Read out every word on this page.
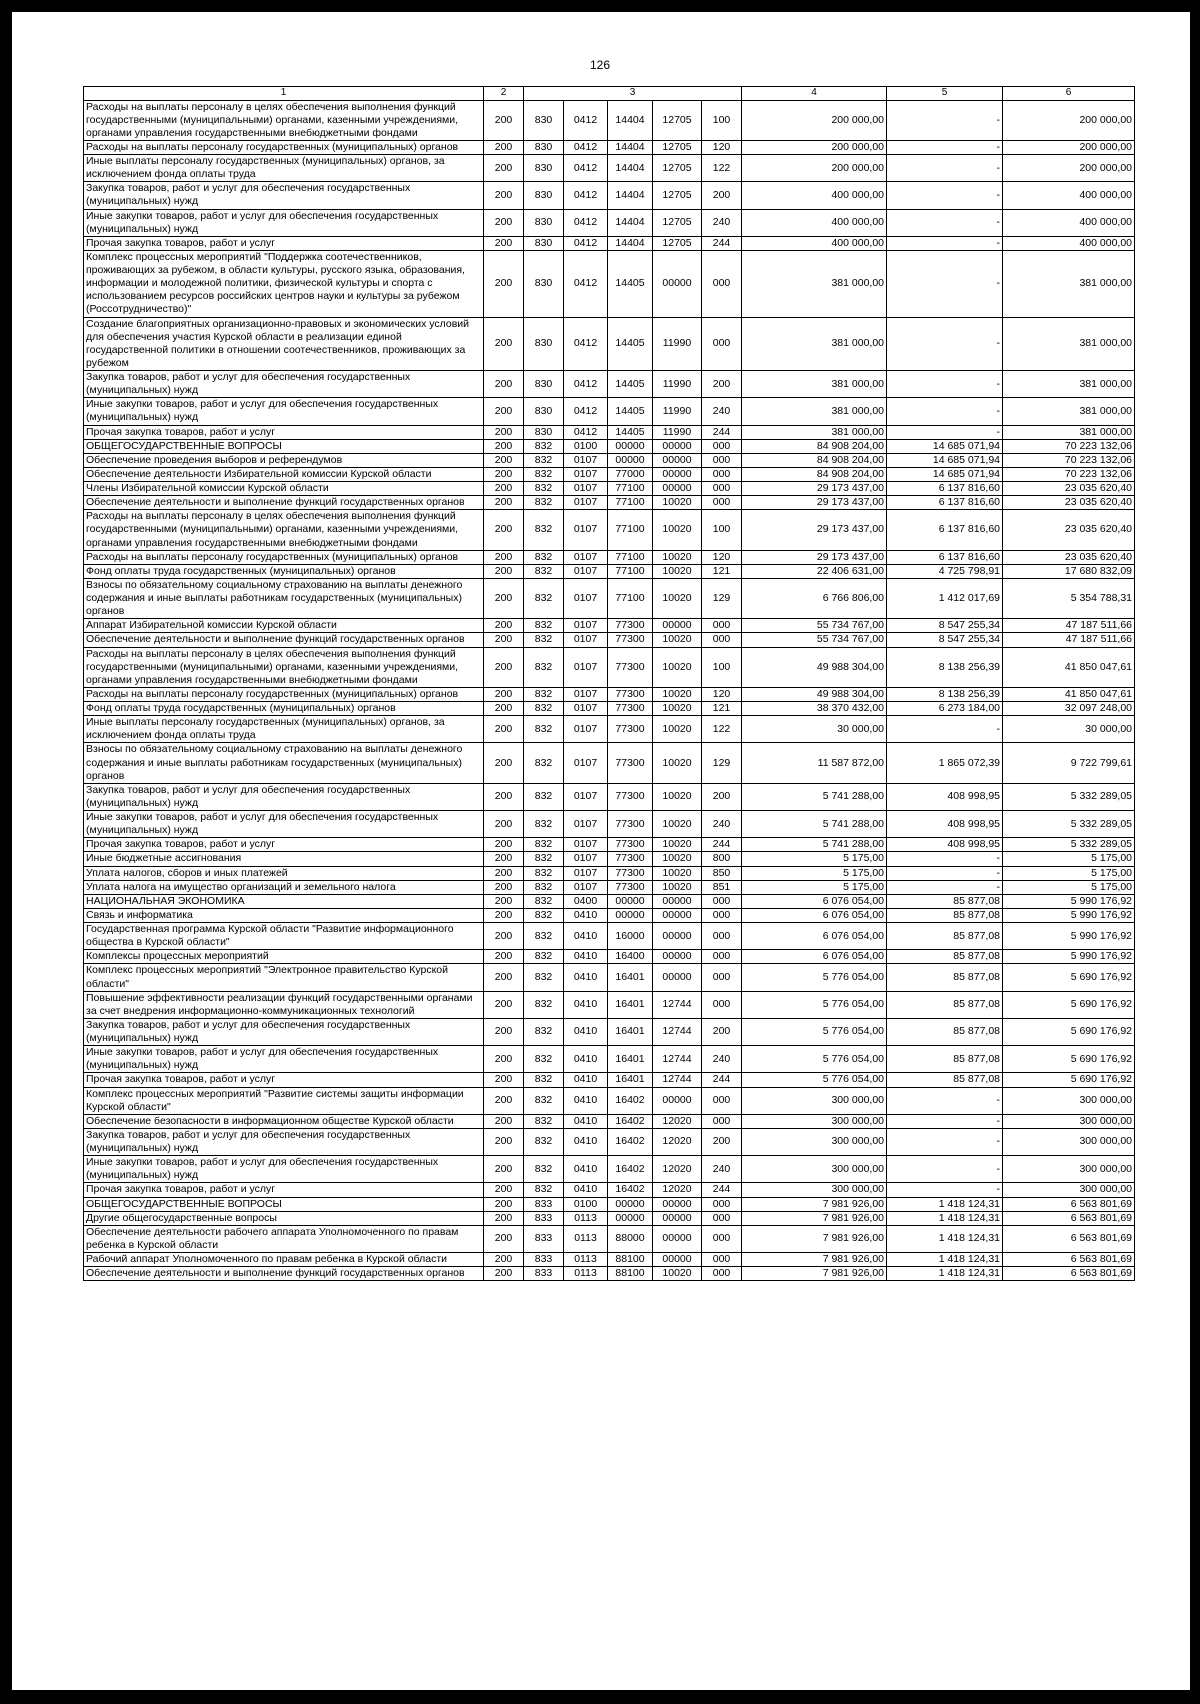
126
1	2	3					4	5	6
Расходы на выплаты персоналу в целях обеспечения выполнения функций государственными (муниципальными) органами, казенными учреждениями, органами управления государственными внебюджетными фондами	200	830	0412	14404	12705	100	200 000,00	-	200 000,00
Расходы на выплаты персоналу государственных (муниципальных) органов	200	830	0412	14404	12705	120	200 000,00	-	200 000,00
Иные выплаты персоналу государственных (муниципальных) органов, за исключением фонда оплаты труда	200	830	0412	14404	12705	122	200 000,00	-	200 000,00
Закупка товаров, работ и услуг для обеспечения государственных (муниципальных) нужд	200	830	0412	14404	12705	200	400 000,00	-	400 000,00
Иные закупки товаров, работ и услуг для обеспечения государственных (муниципальных) нужд	200	830	0412	14404	12705	240	400 000,00	-	400 000,00
Прочая закупка товаров, работ и услуг	200	830	0412	14404	12705	244	400 000,00	-	400 000,00
Комплекс процессных мероприятий "Поддержка соотечественников, проживающих за рубежом, в области культуры, русского языка, образования, информации и молодежной политики, физической культуры и спорта с использованием ресурсов российских центров науки и культуры за рубежом (Россотрудничество)"	200	830	0412	14405	00000	000	381 000,00	-	381 000,00
Создание благоприятных организационно-правовых и экономических условий для обеспечения участия Курской области в реализации единой государственной политики в отношении соотечественников, проживающих за рубежом	200	830	0412	14405	11990	000	381 000,00	-	381 000,00
Закупка товаров, работ и услуг для обеспечения государственных (муниципальных) нужд	200	830	0412	14405	11990	200	381 000,00	-	381 000,00
Иные закупки товаров, работ и услуг для обеспечения государственных (муниципальных) нужд	200	830	0412	14405	11990	240	381 000,00	-	381 000,00
Прочая закупка товаров, работ и услуг	200	830	0412	14405	11990	244	381 000,00	-	381 000,00
ОБЩЕГОСУДАРСТВЕННЫЕ ВОПРОСЫ	200	832	0100	00000	00000	000	84 908 204,00	14 685 071,94	70 223 132,06
Обеспечение проведения выборов и референдумов	200	832	0107	00000	00000	000	84 908 204,00	14 685 071,94	70 223 132,06
Обеспечение деятельности Избирательной комиссии Курской области	200	832	0107	77000	00000	000	84 908 204,00	14 685 071,94	70 223 132,06
Члены Избирательной комиссии Курской области	200	832	0107	77100	00000	000	29 173 437,00	6 137 816,60	23 035 620,40
Обеспечение деятельности и выполнение функций государственных органов	200	832	0107	77100	10020	000	29 173 437,00	6 137 816,60	23 035 620,40
Расходы на выплаты персоналу в целях обеспечения выполнения функций государственными (муниципальными) органами, казенными учреждениями, органами управления государственными внебюджетными фондами	200	832	0107	77100	10020	100	29 173 437,00	6 137 816,60	23 035 620,40
Расходы на выплаты персоналу государственных (муниципальных) органов	200	832	0107	77100	10020	120	29 173 437,00	6 137 816,60	23 035 620,40
Фонд оплаты труда государственных (муниципальных) органов	200	832	0107	77100	10020	121	22 406 631,00	4 725 798,91	17 680 832,09
Взносы по обязательному социальному страхованию на выплаты денежного содержания и иные выплаты работникам государственных (муниципальных) органов	200	832	0107	77100	10020	129	6 766 806,00	1 412 017,69	5 354 788,31
Аппарат Избирательной комиссии Курской области	200	832	0107	77300	00000	000	55 734 767,00	8 547 255,34	47 187 511,66
Обеспечение деятельности и выполнение функций государственных органов	200	832	0107	77300	10020	000	55 734 767,00	8 547 255,34	47 187 511,66
Расходы на выплаты персоналу в целях обеспечения выполнения функций государственными (муниципальными) органами, казенными учреждениями, органами управления государственными внебюджетными фондами	200	832	0107	77300	10020	100	49 988 304,00	8 138 256,39	41 850 047,61
Расходы на выплаты персоналу государственных (муниципальных) органов	200	832	0107	77300	10020	120	49 988 304,00	8 138 256,39	41 850 047,61
Фонд оплаты труда государственных (муниципальных) органов	200	832	0107	77300	10020	121	38 370 432,00	6 273 184,00	32 097 248,00
Иные выплаты персоналу государственных (муниципальных) органов, за исключением фонда оплаты труда	200	832	0107	77300	10020	122	30 000,00	-	30 000,00
Взносы по обязательному социальному страхованию на выплаты денежного содержания и иные выплаты работникам государственных (муниципальных) органов	200	832	0107	77300	10020	129	11 587 872,00	1 865 072,39	9 722 799,61
Закупка товаров, работ и услуг для обеспечения государственных (муниципальных) нужд	200	832	0107	77300	10020	200	5 741 288,00	408 998,95	5 332 289,05
Иные закупки товаров, работ и услуг для обеспечения государственных (муниципальных) нужд	200	832	0107	77300	10020	240	5 741 288,00	408 998,95	5 332 289,05
Прочая закупка товаров, работ и услуг	200	832	0107	77300	10020	244	5 741 288,00	408 998,95	5 332 289,05
Иные бюджетные ассигнования	200	832	0107	77300	10020	800	5 175,00	-	5 175,00
Уплата налогов, сборов и иных платежей	200	832	0107	77300	10020	850	5 175,00	-	5 175,00
Уплата налога на имущество организаций и земельного налога	200	832	0107	77300	10020	851	5 175,00	-	5 175,00
НАЦИОНАЛЬНАЯ ЭКОНОМИКА	200	832	0400	00000	00000	000	6 076 054,00	85 877,08	5 990 176,92
Связь и информатика	200	832	0410	00000	00000	000	6 076 054,00	85 877,08	5 990 176,92
Государственная программа Курской области "Развитие информационного общества в Курской области"	200	832	0410	16000	00000	000	6 076 054,00	85 877,08	5 990 176,92
Комплексы процессных мероприятий	200	832	0410	16400	00000	000	6 076 054,00	85 877,08	5 990 176,92
Комплекс процессных мероприятий "Электронное правительство Курской области"	200	832	0410	16401	00000	000	5 776 054,00	85 877,08	5 690 176,92
Повышение эффективности реализации функций государственными органами за счет внедрения информационно-коммуникационных технологий	200	832	0410	16401	12744	000	5 776 054,00	85 877,08	5 690 176,92
Закупка товаров, работ и услуг для обеспечения государственных (муниципальных) нужд	200	832	0410	16401	12744	200	5 776 054,00	85 877,08	5 690 176,92
Иные закупки товаров, работ и услуг для обеспечения государственных (муниципальных) нужд	200	832	0410	16401	12744	240	5 776 054,00	85 877,08	5 690 176,92
Прочая закупка товаров, работ и услуг	200	832	0410	16401	12744	244	5 776 054,00	85 877,08	5 690 176,92
Комплекс процессных мероприятий "Развитие системы защиты информации Курской области"	200	832	0410	16402	00000	000	300 000,00	-	300 000,00
Обеспечение безопасности в информационном обществе Курской области	200	832	0410	16402	12020	000	300 000,00	-	300 000,00
Закупка товаров, работ и услуг для обеспечения государственных (муниципальных) нужд	200	832	0410	16402	12020	200	300 000,00	-	300 000,00
Иные закупки товаров, работ и услуг для обеспечения государственных (муниципальных) нужд	200	832	0410	16402	12020	240	300 000,00	-	300 000,00
Прочая закупка товаров, работ и услуг	200	832	0410	16402	12020	244	300 000,00	-	300 000,00
ОБЩЕГОСУДАРСТВЕННЫЕ ВОПРОСЫ	200	833	0100	00000	00000	000	7 981 926,00	1 418 124,31	6 563 801,69
Другие общегосударственные вопросы	200	833	0113	00000	00000	000	7 981 926,00	1 418 124,31	6 563 801,69
Обеспечение деятельности рабочего аппарата Уполномоченного по правам ребенка в Курской области	200	833	0113	88000	00000	000	7 981 926,00	1 418 124,31	6 563 801,69
Рабочий аппарат Уполномоченного по правам ребенка в Курской области	200	833	0113	88100	00000	000	7 981 926,00	1 418 124,31	6 563 801,69
Обеспечение деятельности и выполнение функций государственных органов	200	833	0113	88100	10020	000	7 981 926,00	1 418 124,31	6 563 801,69
